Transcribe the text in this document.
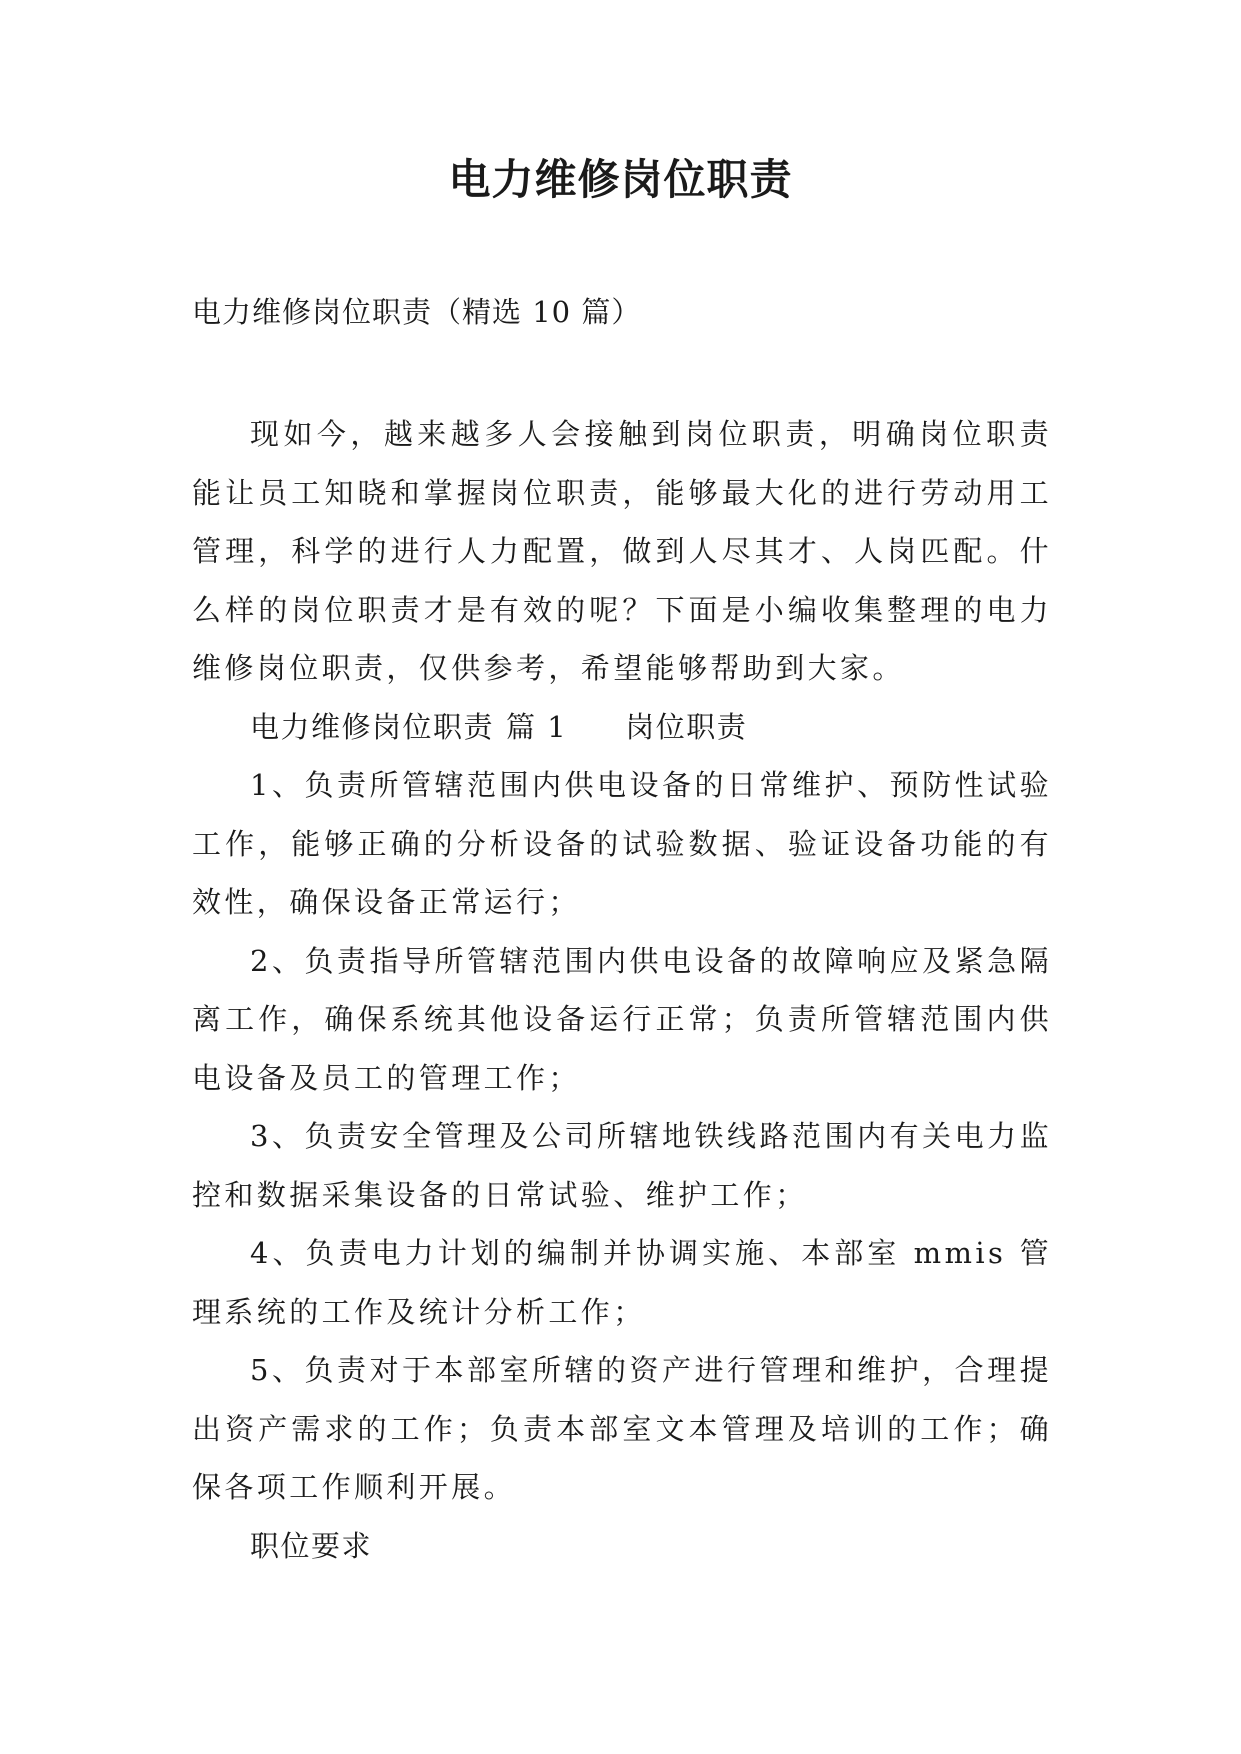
电力维修岗位职责

电力维修岗位职责（精选 10 篇）

现如今，越来越多人会接触到岗位职责，明确岗位职责能让员工知晓和掌握岗位职责，能够最大化的进行劳动用工管理，科学的进行人力配置，做到人尽其才、人岗匹配。什么样的岗位职责才是有效的呢？下面是小编收集整理的电力维修岗位职责，仅供参考，希望能够帮助到大家。

电力维修岗位职责 篇 1 岗位职责

1、负责所管辖范围内供电设备的日常维护、预防性试验工作，能够正确的分析设备的试验数据、验证设备功能的有效性，确保设备正常运行；

2、负责指导所管辖范围内供电设备的故障响应及紧急隔离工作，确保系统其他设备运行正常；负责所管辖范围内供电设备及员工的管理工作；

3、负责安全管理及公司所辖地铁线路范围内有关电力监控和数据采集设备的日常试验、维护工作；

4、负责电力计划的编制并协调实施、本部室 mmis 管理系统的工作及统计分析工作；

5、负责对于本部室所辖的资产进行管理和维护，合理提出资产需求的工作；负责本部室文本管理及培训的工作；确保各项工作顺利开展。

职位要求
